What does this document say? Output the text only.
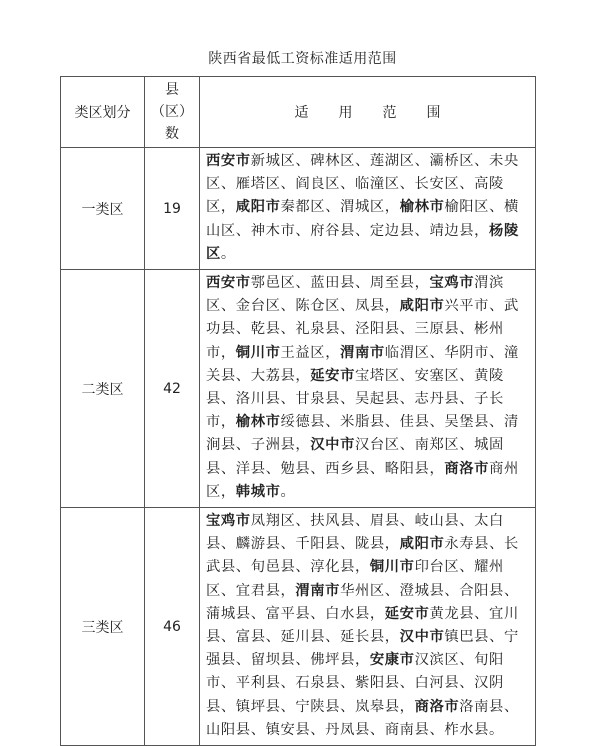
陕西省最低工资标准适用范围
类区划分	县
（区）
数	适用范围
一类区	19	西安市新城区、碑林区、莲湖区、灞桥区、未央区、雁塔区、阎良区、临潼区、长安区、高陵区，咸阳市秦都区、渭城区，榆林市榆阳区、横山区、神木市、府谷县、定边县、靖边县，杨陵区。
二类区	42	西安市鄠邑区、蓝田县、周至县，宝鸡市渭滨区、金台区、陈仓区、凤县，咸阳市兴平市、武功县、乾县、礼泉县、泾阳县、三原县、彬州市，铜川市王益区，渭南市临渭区、华阴市、潼关县、大荔县，延安市宝塔区、安塞区、黄陵县、洛川县、甘泉县、吴起县、志丹县、子长市，榆林市绥德县、米脂县、佳县、吴堡县、清涧县、子洲县，汉中市汉台区、南郑区、城固县、洋县、勉县、西乡县、略阳县，商洛市商州区，韩城市。
三类区	46	宝鸡市凤翔区、扶风县、眉县、岐山县、太白县、麟游县、千阳县、陇县，咸阳市永寿县、长武县、旬邑县、淳化县，铜川市印台区、耀州区、宜君县，渭南市华州区、澄城县、合阳县、蒲城县、富平县、白水县，延安市黄龙县、宜川县、富县、延川县、延长县，汉中市镇巴县、宁强县、留坝县、佛坪县，安康市汉滨区、旬阳市、平利县、石泉县、紫阳县、白河县、汉阴县、镇坪县、宁陕县、岚皋县，商洛市洛南县、山阳县、镇安县、丹凤县、商南县、柞水县。
